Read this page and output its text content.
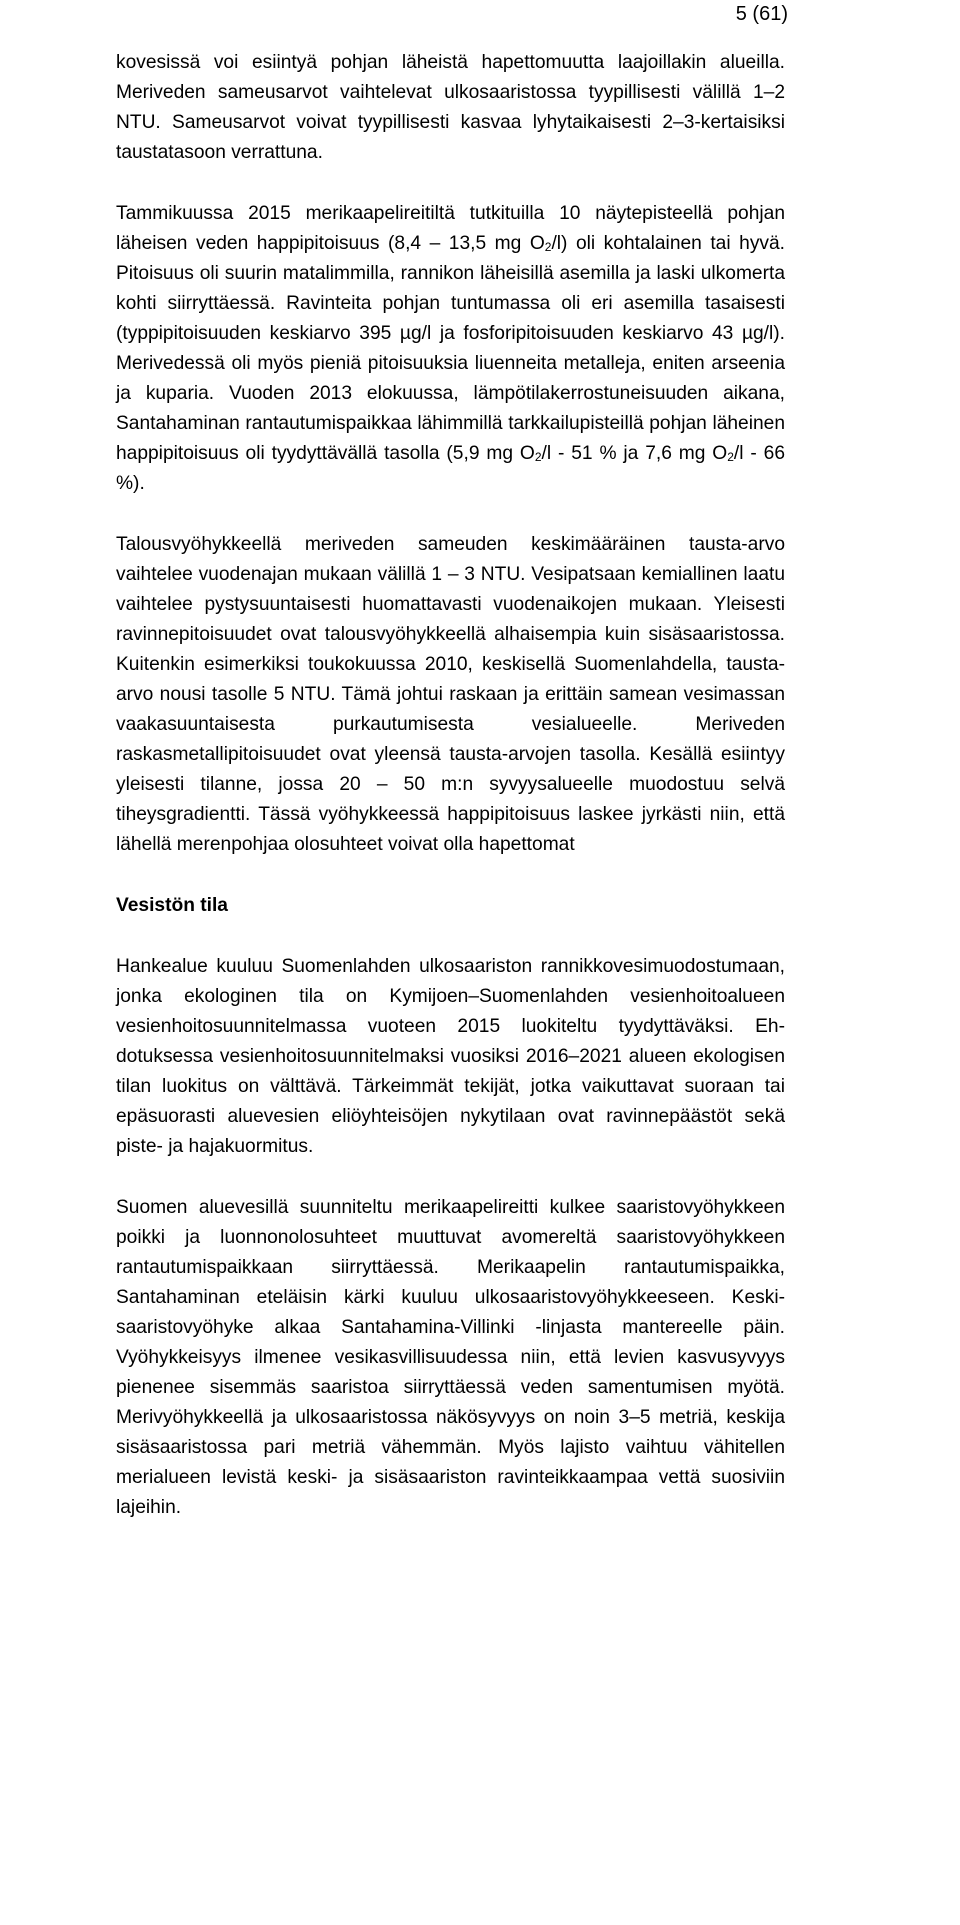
5 (61)

kovesissä voi esiintyä pohjan läheistä hapettomuutta laajoillakin alueilla. Meriveden sameusarvot vaihtelevat ulkosaaristossa tyypillisesti välillä 1–2 NTU. Sameusarvot voivat tyypillisesti kasvaa lyhytaikaisesti 2–3-kertaisiksi taustatasoon verrattuna.

Tammikuussa 2015 merikaapelireitiltä tutkituilla 10 näytepisteellä pohjan läheisen veden happipitoisuus (8,4 – 13,5 mg O2/l) oli kohtalainen tai hyvä. Pitoisuus oli suurin matalimmilla, rannikon läheisillä asemilla ja laski ulkomerta kohti siirryttäessä. Ravinteita pohjan tuntumassa oli eri asemilla tasaisesti (typpipitoisuuden keskiarvo 395 µg/l ja fosforipitoisuuden keskiarvo 43 µg/l). Merivedessä oli myös pieniä pitoisuuksia liuenneita metalleja, eniten arseenia ja kuparia. Vuoden 2013 elokuussa, lämpötilakerrostuneisuuden aikana, Santahaminan rantautumispaikkaa lähimmillä tarkkailupisteillä pohjan läheinen happipitoisuus oli tyydyttävällä tasolla (5,9 mg O2/l - 51 % ja 7,6 mg O2/l - 66 %).

Talousvyöhykkeellä meriveden sameuden keskimääräinen tausta-arvo vaihtelee vuodenajan mukaan välillä 1 – 3 NTU. Vesipatsaan kemiallinen laatu vaihtelee pystysuuntaisesti huomattavasti vuodenaikojen mukaan. Yleisesti ravinnepitoisuudet ovat talousvyöhykkeellä alhaisempia kuin sisäsaaristossa. Kuitenkin esimerkiksi toukokuussa 2010, keskisellä Suomenlahdella, tausta-arvo nousi tasolle 5 NTU. Tämä johtui raskaan ja erittäin samean vesimassan vaakasuuntaisesta purkautumisesta vesialueelle. Meriveden raskasmetallipitoisuudet ovat yleensä tausta-arvojen tasolla. Kesällä esiintyy yleisesti tilanne, jossa 20 – 50 m:n syvyysalueelle muodostuu selvä tiheysgradientti. Tässä vyöhykkeessä happipitoisuus laskee jyrkästi niin, että lähellä merenpohjaa olosuhteet voivat olla hapettomat

Vesistön tila

Hankealue kuuluu Suomenlahden ulkosaariston rannikkovesimuodostumaan, jonka ekologinen tila on Kymijoen–Suomenlahden vesienhoitoalueen vesienhoitosuunnitelmassa vuoteen 2015 luokiteltu tyydyttäväksi. Ehdotuksessa vesienhoitosuunnitelmaksi vuosiksi 2016–2021 alueen ekologisen tilan luokitus on välttävä. Tärkeimmät tekijät, jotka vaikuttavat suoraan tai epäsuorasti aluevesien eliöyhteisöjen nykytilaan ovat ravinnepäästöt sekä piste- ja hajakuormitus.

Suomen aluevesillä suunniteltu merikaapelireitti kulkee saaristovyöhykkeen poikki ja luonnonolosuhteet muuttuvat avomereltä saaristovyöhykkeen rantautumispaikkaan siirryttäessä. Merikaapelin rantautumispaikka, Santahaminan eteläisin kärki kuuluu ulkosaaristovyöhykkeeseen. Keskisaaristovyöhyke alkaa Santahamina-Villinki -linjasta mantereelle päin. Vyöhykkeisyys ilmenee vesikasvillisuudessa niin, että levien kasvusyvyys pienenee sisemmäs saaristoa siirryttäessä veden samentumisen myötä. Merivyöhykkeellä ja ulkosaaristossa näkösyvyys on noin 3–5 metriä, keskija sisäsaaristossa pari metriä vähemmän. Myös lajisto vaihtuu vähitellen merialueen levistä keski- ja sisäsaariston ravinteikkaampaa vettä suosiviin lajeihin.
